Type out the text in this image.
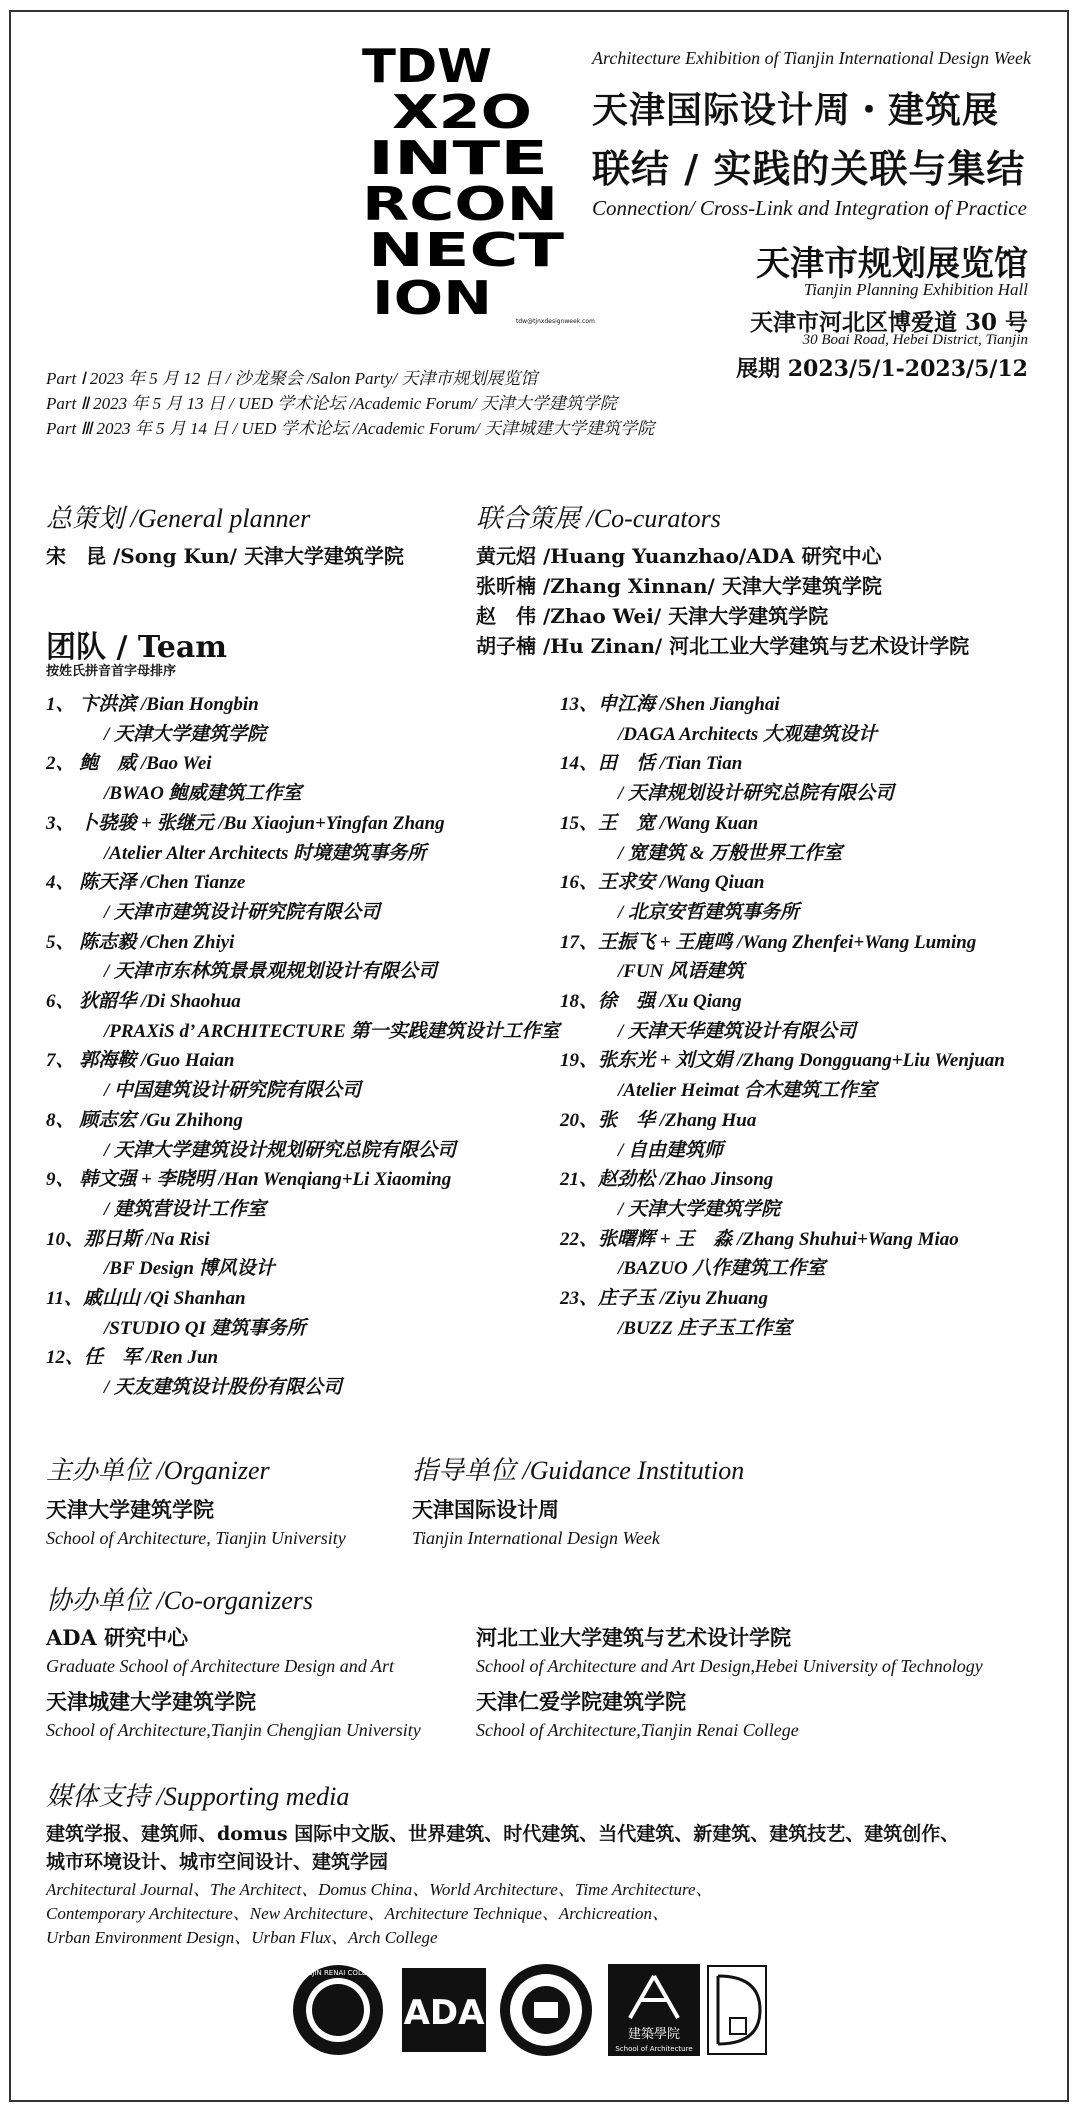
TDW
X2O
INTE
RCON
NECT
ION	tdw@tjnxdesignweek.com
Architecture Exhibition of Tianjin International Design Week
天津国际设计周・建筑展
联结 / 实践的关联与集结
Connection/ Cross-Link and Integration of Practice
天津市规划展览馆
Tianjin Planning Exhibition Hall
天津市河北区博爱道 30 号
30 Boai Road, Hebei District, Tianjin
展期 2023/5/1-2023/5/12
Part Ⅰ 2023 年 5 月 12 日 / 沙龙聚会 /Salon Party/ 天津市规划展览馆
Part Ⅱ 2023 年 5 月 13 日 / UED 学术论坛 /Academic Forum/ 天津大学建筑学院
Part Ⅲ 2023 年 5 月 14 日 / UED 学术论坛 /Academic Forum/ 天津城建大学建筑学院
总策划 /General planner
宋　昆 /Song Kun/ 天津大学建筑学院
联合策展 /Co-curators
黄元炤 /Huang Yuanzhao/ADA 研究中心
张昕楠 /Zhang Xinnan/ 天津大学建筑学院
赵　伟 /Zhao Wei/ 天津大学建筑学院
胡子楠 /Hu Zinan/ 河北工业大学建筑与艺术设计学院
团队 / Team
按姓氏拼音首字母排序
1、 卞洪滨 /Bian Hongbin
/ 天津大学建筑学院
2、 鲍　威 /Bao Wei
/BWAO 鲍威建筑工作室
3、 卜骁骏 + 张继元 /Bu Xiaojun+Yingfan Zhang
/Atelier Alter Architects 时境建筑事务所
4、 陈天泽 /Chen Tianze
/ 天津市建筑设计研究院有限公司
5、 陈志毅 /Chen Zhiyi
/ 天津市东林筑景景观规划设计有限公司
6、 狄韶华 /Di Shaohua
/PRAXiS d’ ARCHITECTURE 第一实践建筑设计工作室
7、 郭海鞍 /Guo Haian
/ 中国建筑设计研究院有限公司
8、 顾志宏 /Gu Zhihong
/ 天津大学建筑设计规划研究总院有限公司
9、 韩文强 + 李晓明 /Han Wenqiang+Li Xiaoming
/ 建筑营设计工作室
10、那日斯 /Na Risi
/BF Design 博风设计
11、戚山山 /Qi Shanhan
/STUDIO QI 建筑事务所
12、任　军 /Ren Jun
/ 天友建筑设计股份有限公司
13、申江海 /Shen Jianghai
/DAGA Architects 大观建筑设计
14、田　恬 /Tian Tian
/ 天津规划设计研究总院有限公司
15、王　宽 /Wang Kuan
/ 宽建筑 & 万般世界工作室
16、王求安 /Wang Qiuan
/ 北京安哲建筑事务所
17、王振飞 + 王鹿鸣 /Wang Zhenfei+Wang Luming
/FUN 风语建筑
18、徐　强 /Xu Qiang
/ 天津天华建筑设计有限公司
19、张东光 + 刘文娟 /Zhang Dongguang+Liu Wenjuan
/Atelier Heimat 合木建筑工作室
20、张　华 /Zhang Hua
/ 自由建筑师
21、赵劲松 /Zhao Jinsong
/ 天津大学建筑学院
22、张曙辉 + 王　淼 /Zhang Shuhui+Wang Miao
/BAZUO 八作建筑工作室
23、庄子玉 /Ziyu Zhuang
/BUZZ 庄子玉工作室
主办单位 /Organizer
天津大学建筑学院
School of Architecture, Tianjin University
指导单位 /Guidance Institution
天津国际设计周
Tianjin International Design Week
协办单位 /Co-organizers
ADA 研究中心
Graduate School of Architecture Design and Art
河北工业大学建筑与艺术设计学院
School of Architecture and Art Design,Hebei University of Technology
天津城建大学建筑学院
School of Architecture,Tianjin Chengjian University
天津仁爱学院建筑学院
School of Architecture,Tianjin Renai College
媒体支持 /Supporting media
建筑学报、建筑师、domus 国际中文版、世界建筑、时代建筑、当代建筑、新建筑、建筑技艺、建筑创作、
城市环境设计、城市空间设计、建筑学园
Architectural Journal、The Architect、Domus China、World Architecture、Time Architecture、
Contemporary Architecture、New Architecture、Architecture Technique、Archicreation、
Urban Environment Design、Urban Flux、Arch College
TIANJIN RENAI COLLEGE
ADA
建築學院
School of Architecture
